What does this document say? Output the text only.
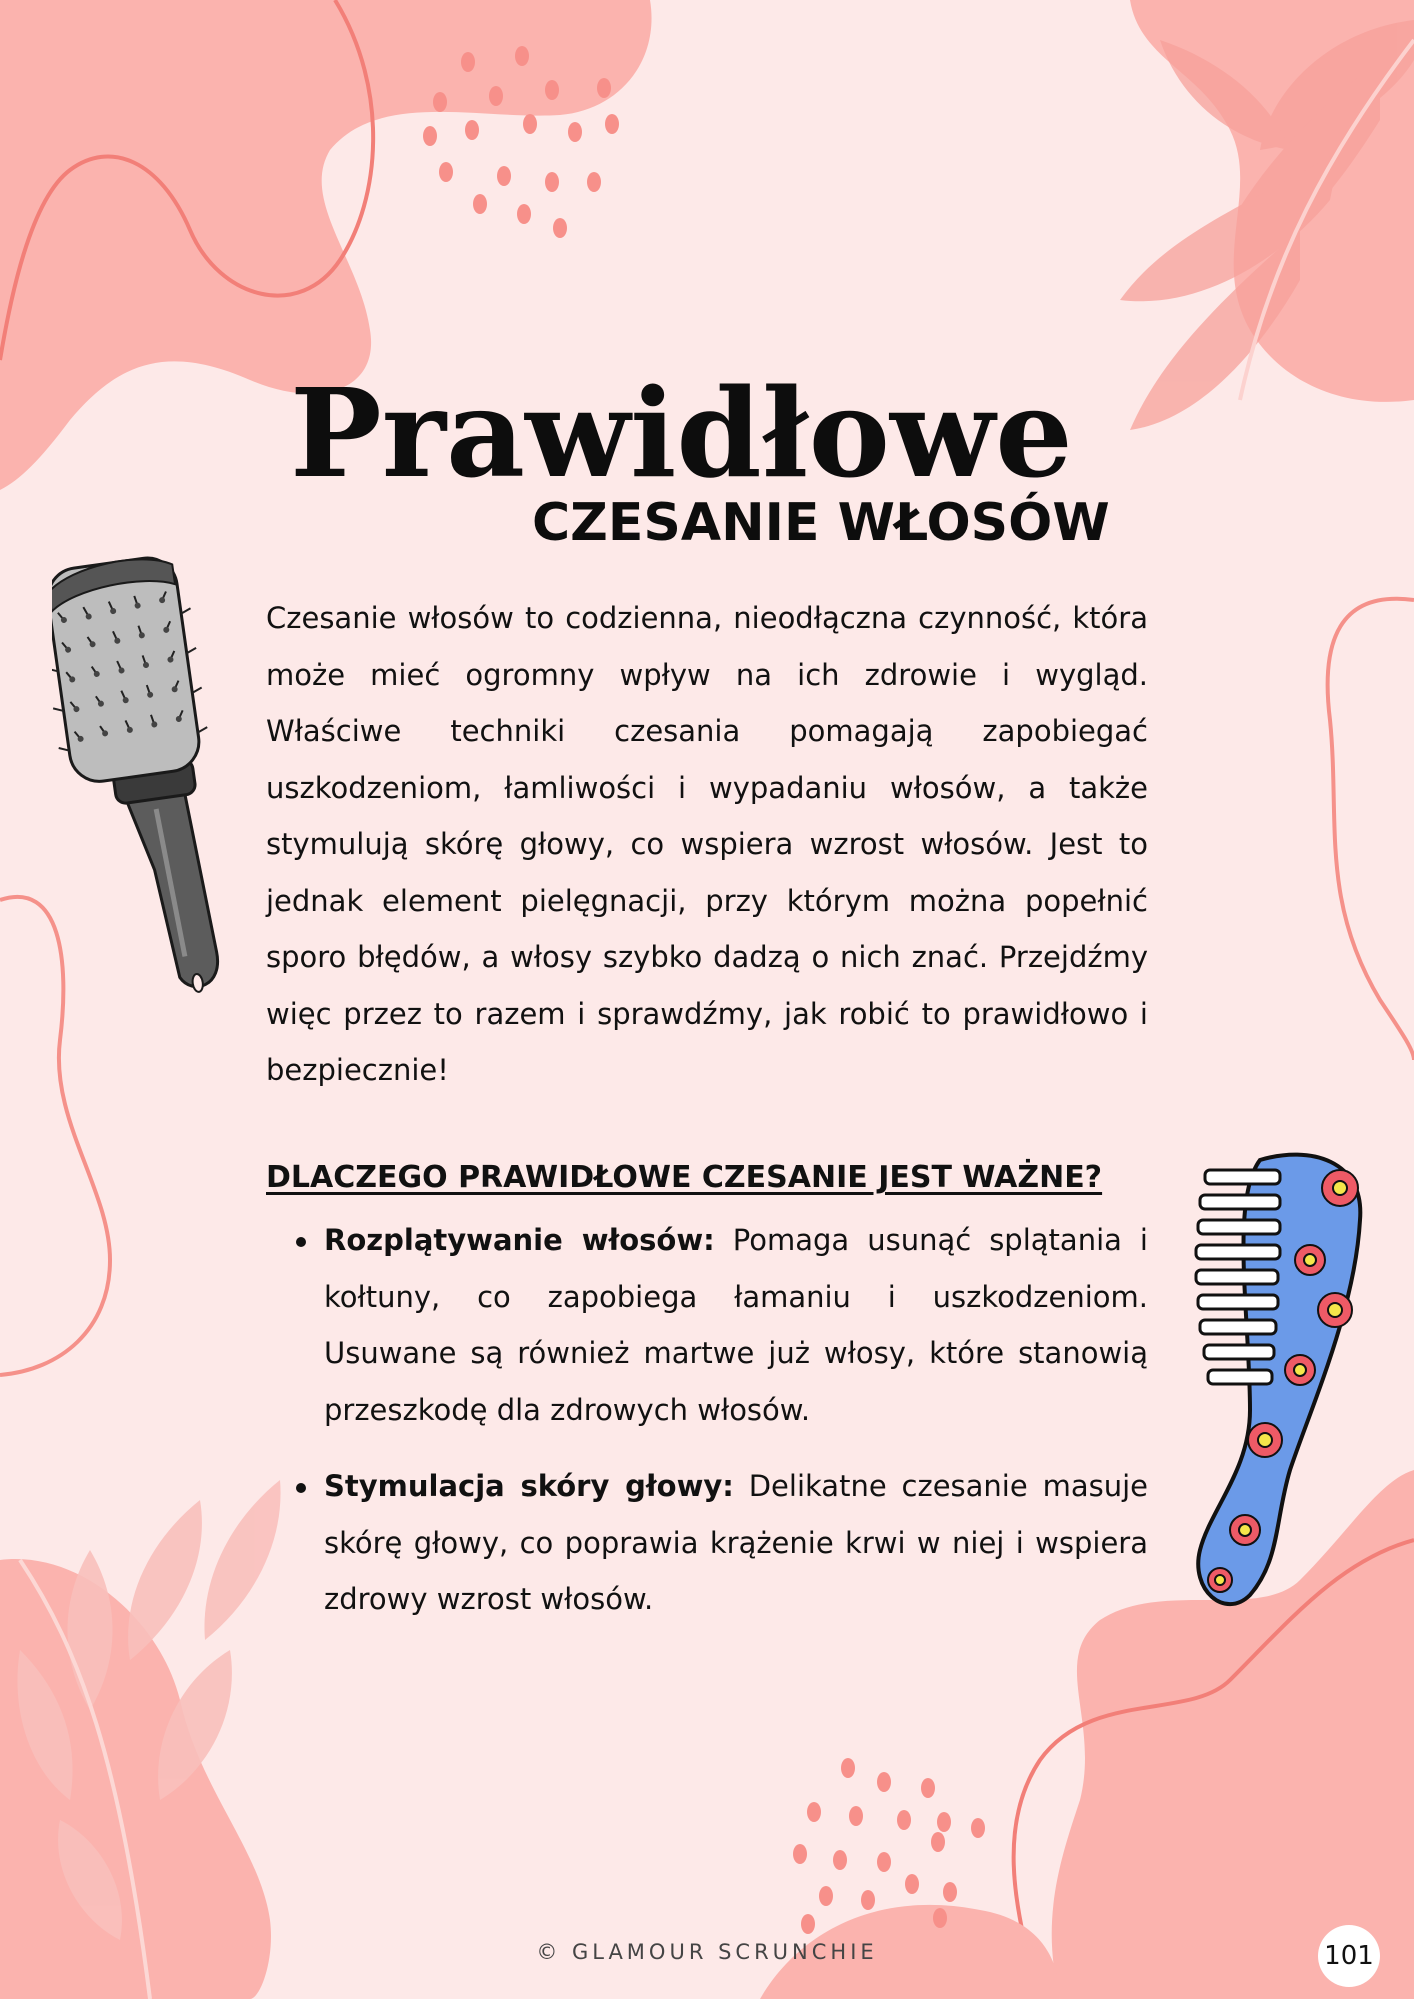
Prawidłowe
CZESANIE WŁOSÓW

Czesanie włosów to codzienna, nieodłączna czynność, która może mieć ogromny wpływ na ich zdrowie i wygląd. Właściwe techniki czesania pomagają zapobiegać uszkodzeniom, łamliwości i wypadaniu włosów, a także stymulują skórę głowy, co wspiera wzrost włosów. Jest to jednak element pielęgnacji, przy którym można popełnić sporo błędów, a włosy szybko dadzą o nich znać. Przejdźmy więc przez to razem i sprawdźmy, jak robić to prawidłowo i bezpiecznie!

DLACZEGO PRAWIDŁOWE CZESANIE JEST WAŻNE?
Rozplątywanie włosów: Pomaga usunąć splątania i kołtuny, co zapobiega łamaniu i uszkodzeniom. Usuwane są również martwe już włosy, które stanowią przeszkodę dla zdrowych włosów.
Stymulacja skóry głowy: Delikatne czesanie masuje skórę głowy, co poprawia krążenie krwi w niej i wspiera zdrowy wzrost włosów.
© GLAMOUR SCRUNCHIE	101
